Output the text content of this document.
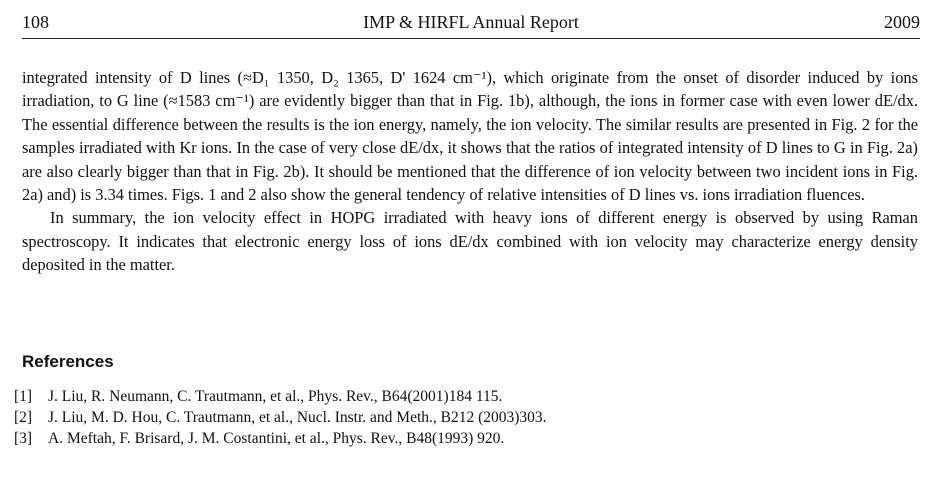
108	IMP & HIRFL Annual Report	2009

integrated intensity of D lines (≈D₁ 1350, D₂ 1365, D' 1624 cm⁻¹), which originate from the onset of disorder induced by ions irradiation, to G line (≈1583 cm⁻¹) are evidently bigger than that in Fig. 1b), although, the ions in former case with even lower dE/dx. The essential difference between the results is the ion energy, namely, the ion velocity. The similar results are presented in Fig. 2 for the samples irradiated with Kr ions. In the case of very close dE/dx, it shows that the ratios of integrated intensity of D lines to G in Fig. 2a) are also clearly bigger than that in Fig. 2b). It should be mentioned that the difference of ion velocity between two incident ions in Fig. 2a) and) is 3.34 times. Figs. 1 and 2 also show the general tendency of relative intensities of D lines vs. ions irradiation fluences.

In summary, the ion velocity effect in HOPG irradiated with heavy ions of different energy is observed by using Raman spectroscopy. It indicates that electronic energy loss of ions dE/dx combined with ion velocity may characterize energy density deposited in the matter.

References
[1] J. Liu, R. Neumann, C. Trautmann, et al., Phys. Rev., B64(2001)184 115.
[2] J. Liu, M. D. Hou, C. Trautmann, et al., Nucl. Instr. and Meth., B212 (2003)303.
[3] A. Meftah, F. Brisard, J. M. Costantini, et al., Phys. Rev., B48(1993) 920.
